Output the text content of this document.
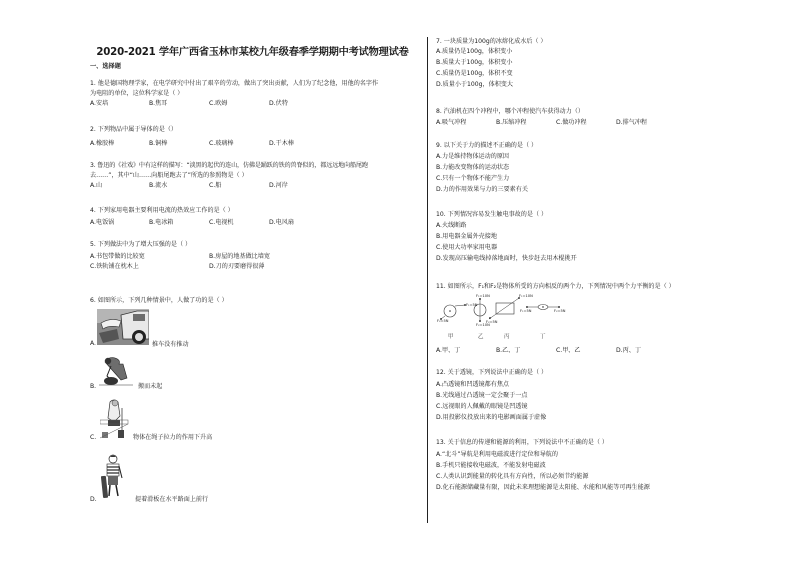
2020-2021 学年广西省玉林市某校九年级春季学期期中考试物理试卷
一、选择题
1. 他是德国物理学家，在电学研究中付出了艰辛的劳动，做出了突出贡献，人们为了纪念他，用他的名字作
为电阻的单位，这位科学家是（ ）
A.安培	B.焦耳	C.欧姆	D.伏特
2. 下列物品中属于导体的是（）
A.橡胶棒	B.铜棒	C.玻璃棒	D.干木棒
3. 鲁迅的《社戏》中有这样的描写：“淡黑的起伏的连山，仿佛是踊跃的铁的兽脊似的，都远远地向船尾跑
去……”，其中“山……向船尾跑去了”所选的参照物是（ ）
A.山	B.流水	C.船	D.河岸
4. 下列家用电器主要利用电流的热效应工作的是（ ）
A.电饭锅	B.电冰箱	C.电视机	D.电风扇
5. 下列做法中为了增大压强的是（ ）
A.书包带做的比较宽	B.房屋的地基做比墙宽
C.铁轨铺在枕木上	D.刀的刃要磨得很薄
6. 如图所示，下列几种情景中，人做了功的是（ ）
A.	推车没有推动
B.	搬而未起
C.	物体在绳子拉力的作用下升高
D.	提着滑板在水平路面上前行
7. 一块质量为100g的冰熔化成水后（ ）
A.质量仍是100g，体积变小
B.质量大于100g，体积变小
C.质量仍是100g，体积不变
D.质量小于100g，体积变大
8. 汽油机在四个冲程中，哪个冲程使汽车获得动力（）
A.吸气冲程	B.压缩冲程	C.做功冲程	D.排气冲程
9. 以下关于力的描述不正确的是（ ）
A.力是维持物体运动的原因
B.力能改变物体的运动状态
C.只有一个物体不能产生力
D.力的作用效果与力的三要素有关
10. 下列情况容易发生触电事故的是（ ）
A.火线断路
B.用电器金属外壳接地
C.使用大功率家用电器
D.发现高压输电线掉落地面时，快步赶去用木棍挑开
11. 如图所示，F₁和F₂是物体所受的方向相反的两个力，下列情况中两个力平衡的是（ ）
F₁=5N
F₂=5N
F₁=10N
F₂=10N
F₁=10N
F₂=5N
F₁=5N	F₂=5N
甲	乙	丙	丁
A.甲、丁	B.乙、丁	C.甲、乙	D.丙、丁
12. 关于透镜，下列说法中正确的是（ ）
A.凸透镜和凹透镜都有焦点
B.光线通过凸透镜一定会聚于一点
C.远视眼的人佩戴的眼镜是凹透镜
D.用投影仪投放出来的电影画面属于虚像
13. 关于信息的传递和能源的利用，下列说法中不正确的是（ ）
A.“北斗”导航是利用电磁波进行定位和导航的
B.手机只能接收电磁波，不能发射电磁波
C.人类认识到能量的转化具有方向性，所以必须节约能源
D.化石能源储藏量有限，因此未来理想能源是太阳能、水能和风能等可再生能源
